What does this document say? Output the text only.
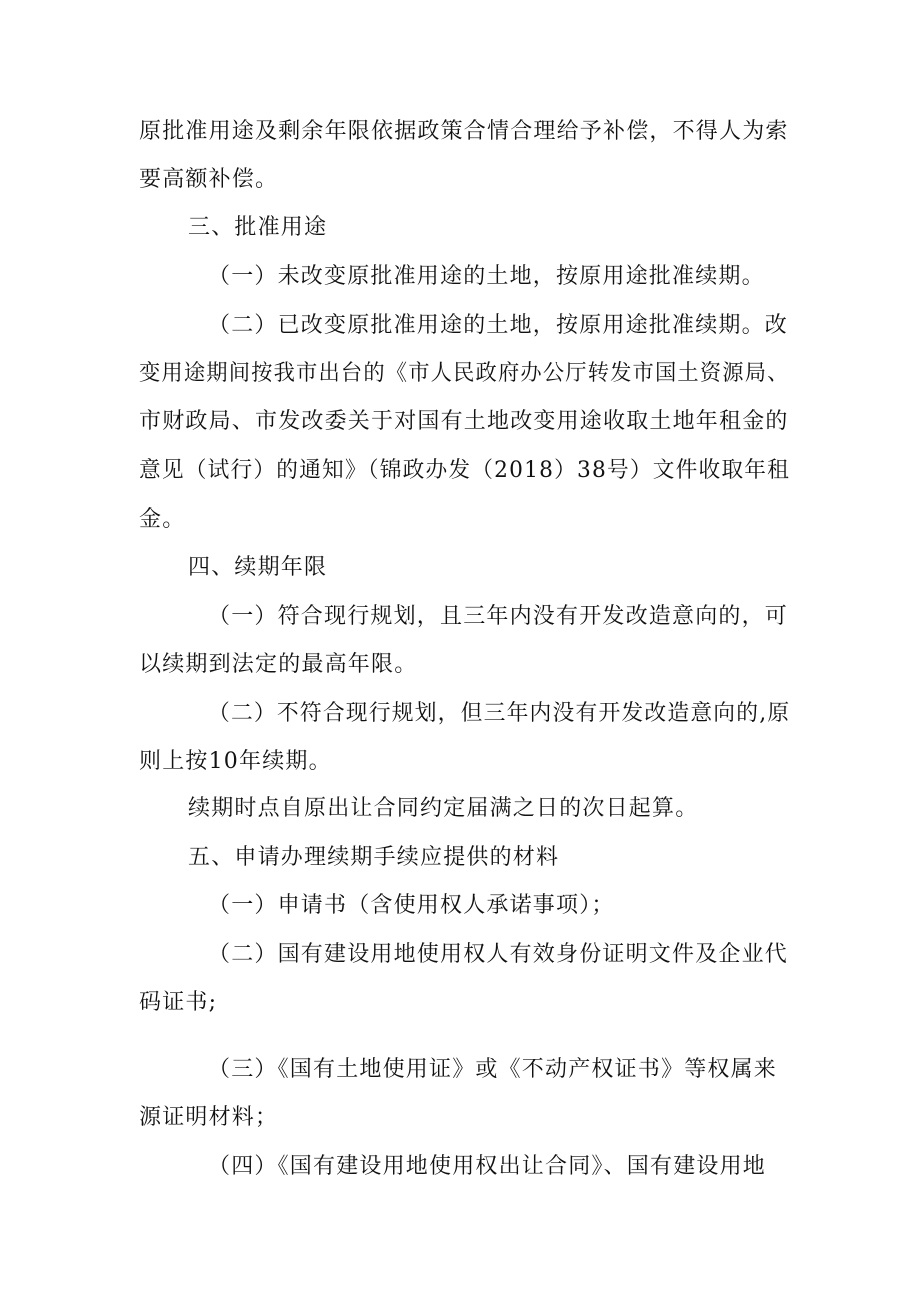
原批准用途及剩余年限依据政策合情合理给予补偿，不得人为索
要高额补偿。
三、批准用途
（一）未改变原批准用途的土地，按原用途批准续期。
（二）已改变原批准用途的土地，按原用途批准续期。改
变用途期间按我市出台的《市人民政府办公厅转发市国土资源局、
市财政局、市发改委关于对国有土地改变用途收取土地年租金的
意见（试行）的通知》（锦政办发（2018）38号）文件收取年租
金。
四、续期年限
（一）符合现行规划，且三年内没有开发改造意向的，可
以续期到法定的最高年限。
（二）不符合现行规划，但三年内没有开发改造意向的,原
则上按10年续期。
续期时点自原出让合同约定届满之日的次日起算。
五、申请办理续期手续应提供的材料
（一）申请书（含使用权人承诺事项）；
（二）国有建设用地使用权人有效身份证明文件及企业代
码证书;
（三）《国有土地使用证》或《不动产权证书》等权属来
源证明材料；
（四）《国有建设用地使用权出让合同》、国有建设用地
